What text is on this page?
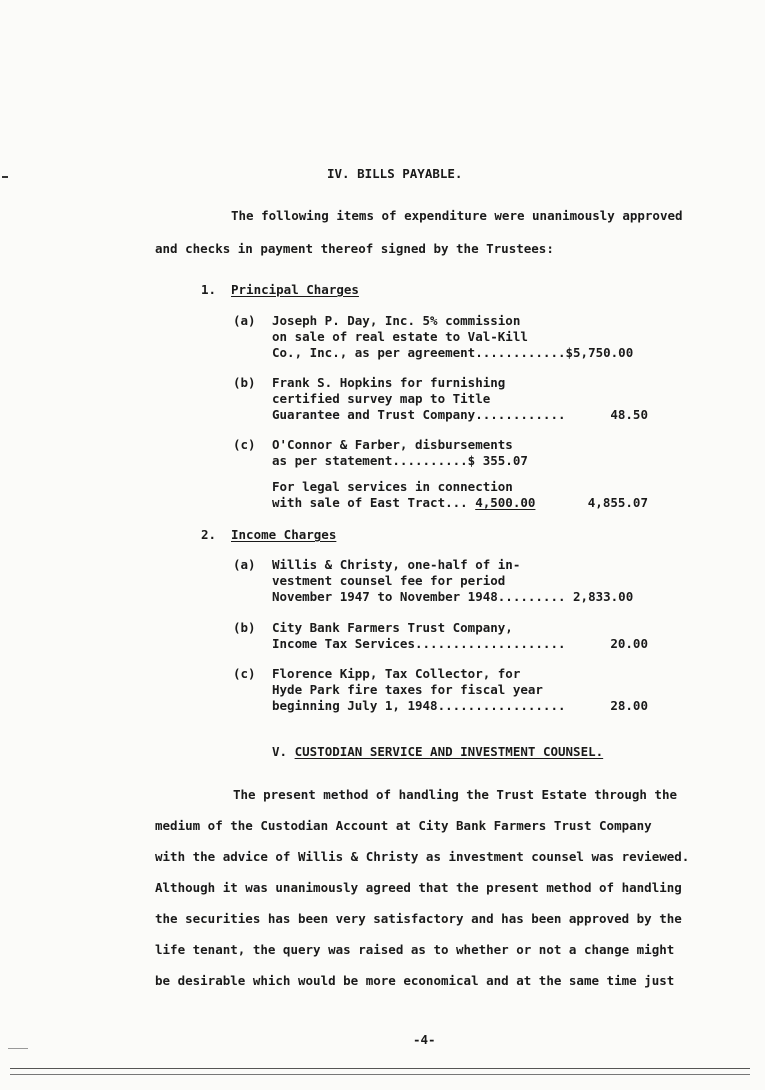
IV. BILLS PAYABLE.
The following items of expenditure were unanimously approved
and checks in payment thereof signed by the Trustees:
1. Principal Charges
(a) Joseph P. Day, Inc. 5% commission
on sale of real estate to Val-Kill
Co., Inc., as per agreement............$5,750.00
(b) Frank S. Hopkins for furnishing
certified survey map to Title
Guarantee and Trust Company............	48.50
(c) O'Connor & Farber, disbursements
as per statement..........$ 355.07
For legal services in connection
with sale of East Tract... 4,500.00	4,855.07
2. Income Charges
(a) Willis & Christy, one-half of in-
vestment counsel fee for period
November 1947 to November 1948......... 2,833.00
(b) City Bank Farmers Trust Company,
Income Tax Services....................	20.00
(c) Florence Kipp, Tax Collector, for
Hyde Park fire taxes for fiscal year
beginning July 1, 1948.................	28.00
V. CUSTODIAN SERVICE AND INVESTMENT COUNSEL.
The present method of handling the Trust Estate through the
medium of the Custodian Account at City Bank Farmers Trust Company
with the advice of Willis & Christy as investment counsel was reviewed.
Although it was unanimously agreed that the present method of handling
the securities has been very satisfactory and has been approved by the
life tenant, the query was raised as to whether or not a change might
be desirable which would be more economical and at the same time just
-4-
